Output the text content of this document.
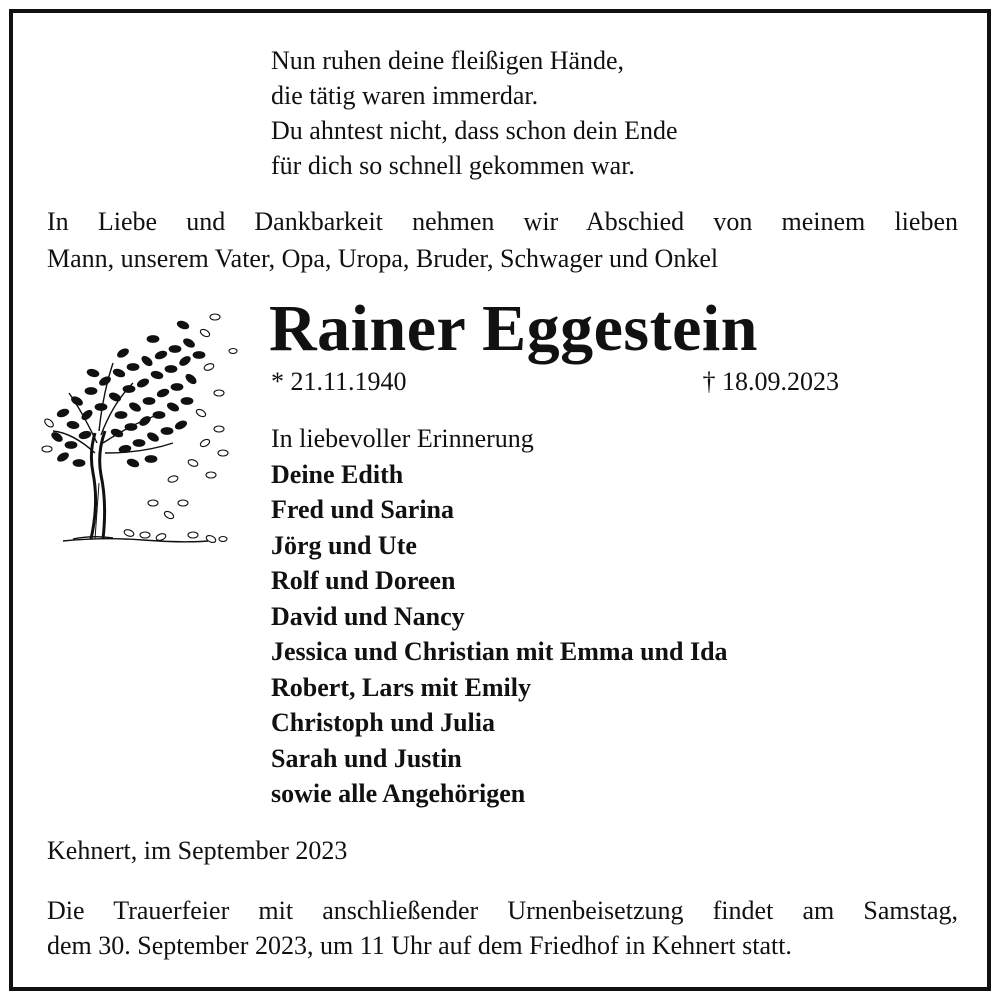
Nun ruhen deine fleißigen Hände,
die tätig waren immerdar.
Du ahntest nicht, dass schon dein Ende
für dich so schnell gekommen war.
In Liebe und Dankbarkeit nehmen wir Abschied von meinem lieben
Mann, unserem Vater, Opa, Uropa, Bruder, Schwager und Onkel
Rainer Eggestein
* 21.11.1940	† 18.09.2023
In liebevoller Erinnerung
Deine Edith
Fred und Sarina
Jörg und Ute
Rolf und Doreen
David und Nancy
Jessica und Christian mit Emma und Ida
Robert, Lars mit Emily
Christoph und Julia
Sarah und Justin
sowie alle Angehörigen
Kehnert, im September 2023
Die Trauerfeier mit anschließender Urnenbeisetzung findet am Samstag,
dem 30. September 2023, um 11 Uhr auf dem Friedhof in Kehnert statt.
